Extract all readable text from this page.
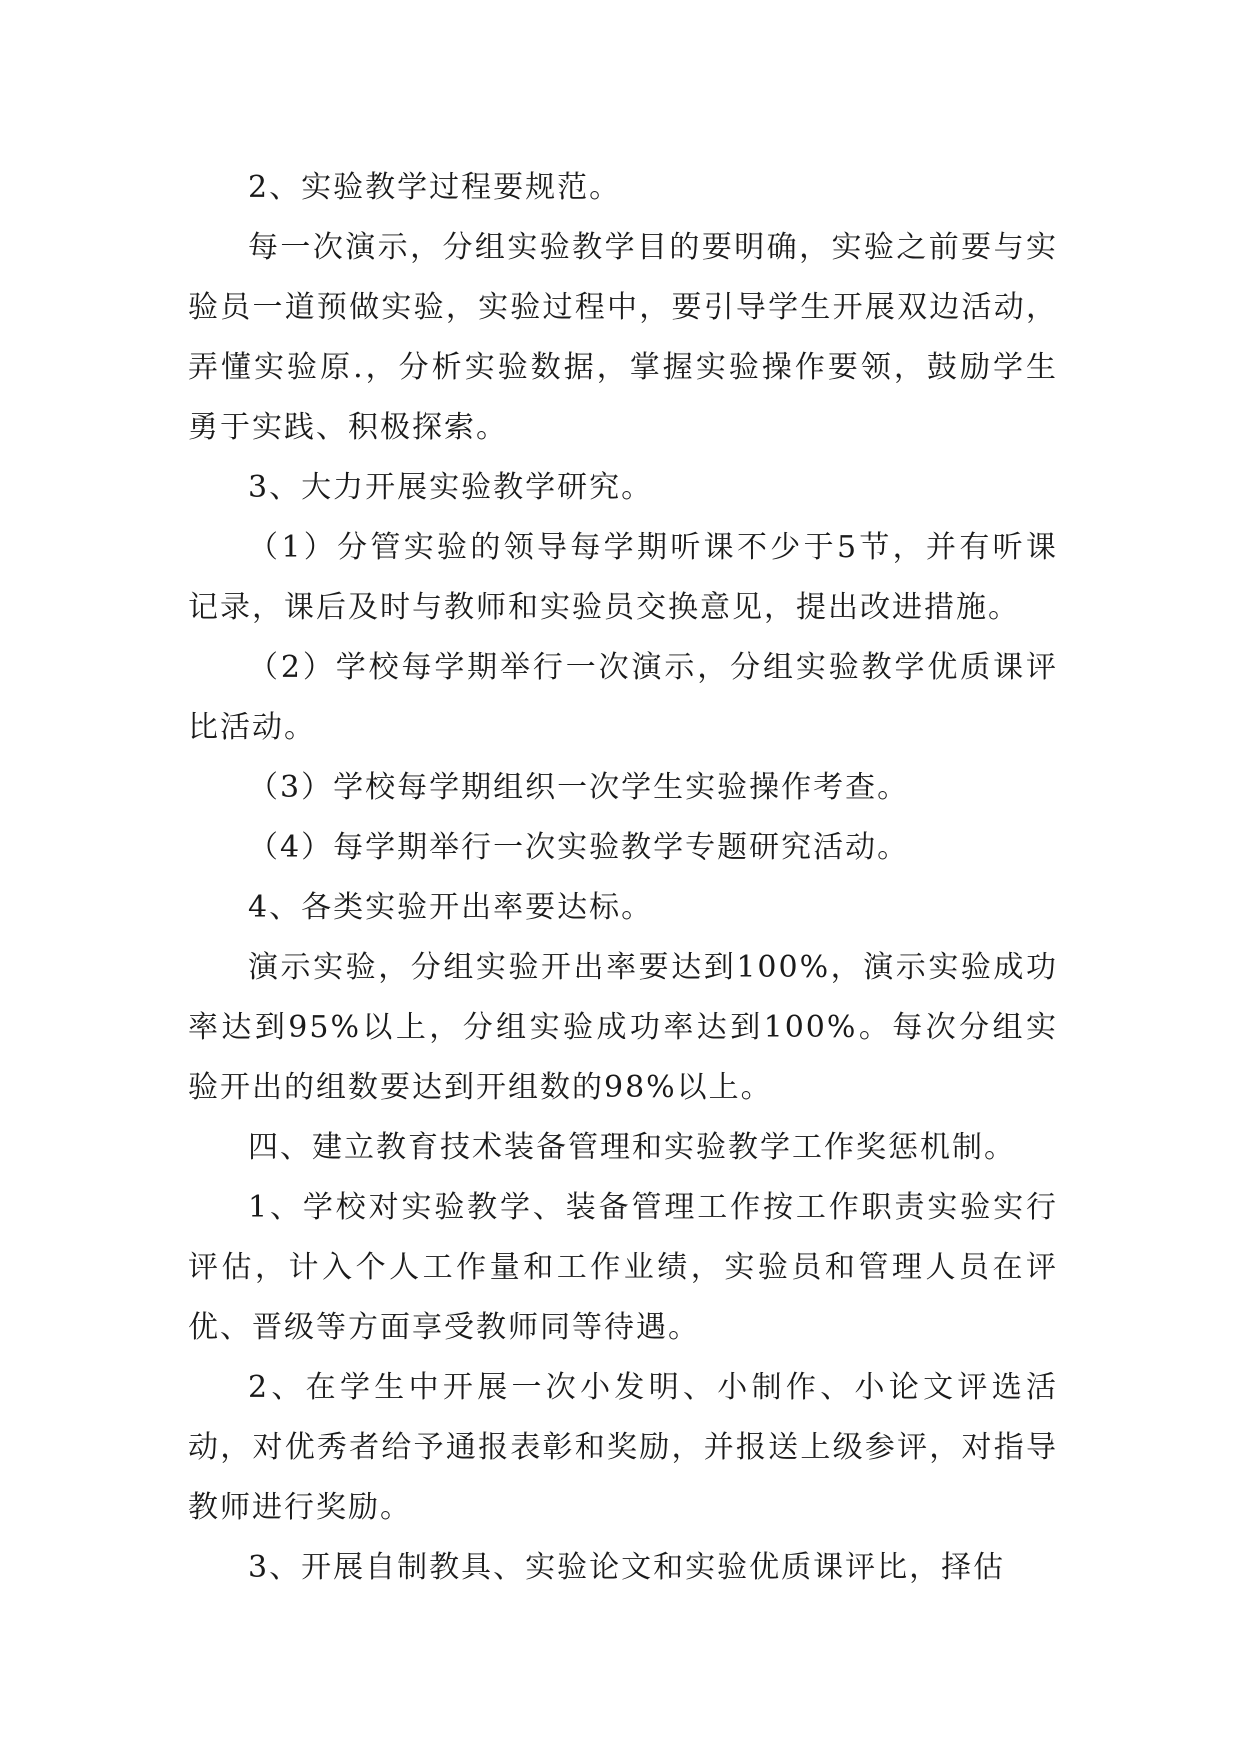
2、实验教学过程要规范。

每一次演示，分组实验教学目的要明确，实验之前要与实验员一道预做实验，实验过程中，要引导学生开展双边活动，弄懂实验原.，分析实验数据，掌握实验操作要领，鼓励学生勇于实践、积极探索。

3、大力开展实验教学研究。

（1）分管实验的领导每学期听课不少于5节，并有听课记录，课后及时与教师和实验员交换意见，提出改进措施。

（2）学校每学期举行一次演示，分组实验教学优质课评比活动。

（3）学校每学期组织一次学生实验操作考查。

（4）每学期举行一次实验教学专题研究活动。

4、各类实验开出率要达标。

演示实验，分组实验开出率要达到100%，演示实验成功率达到95%以上，分组实验成功率达到100%。每次分组实验开出的组数要达到开组数的98%以上。

四、建立教育技术装备管理和实验教学工作奖惩机制。

1、学校对实验教学、装备管理工作按工作职责实验实行评估，计入个人工作量和工作业绩，实验员和管理人员在评优、晋级等方面享受教师同等待遇。

2、在学生中开展一次小发明、小制作、小论文评选活动，对优秀者给予通报表彰和奖励，并报送上级参评，对指导教师进行奖励。

3、开展自制教具、实验论文和实验优质课评比，择估
